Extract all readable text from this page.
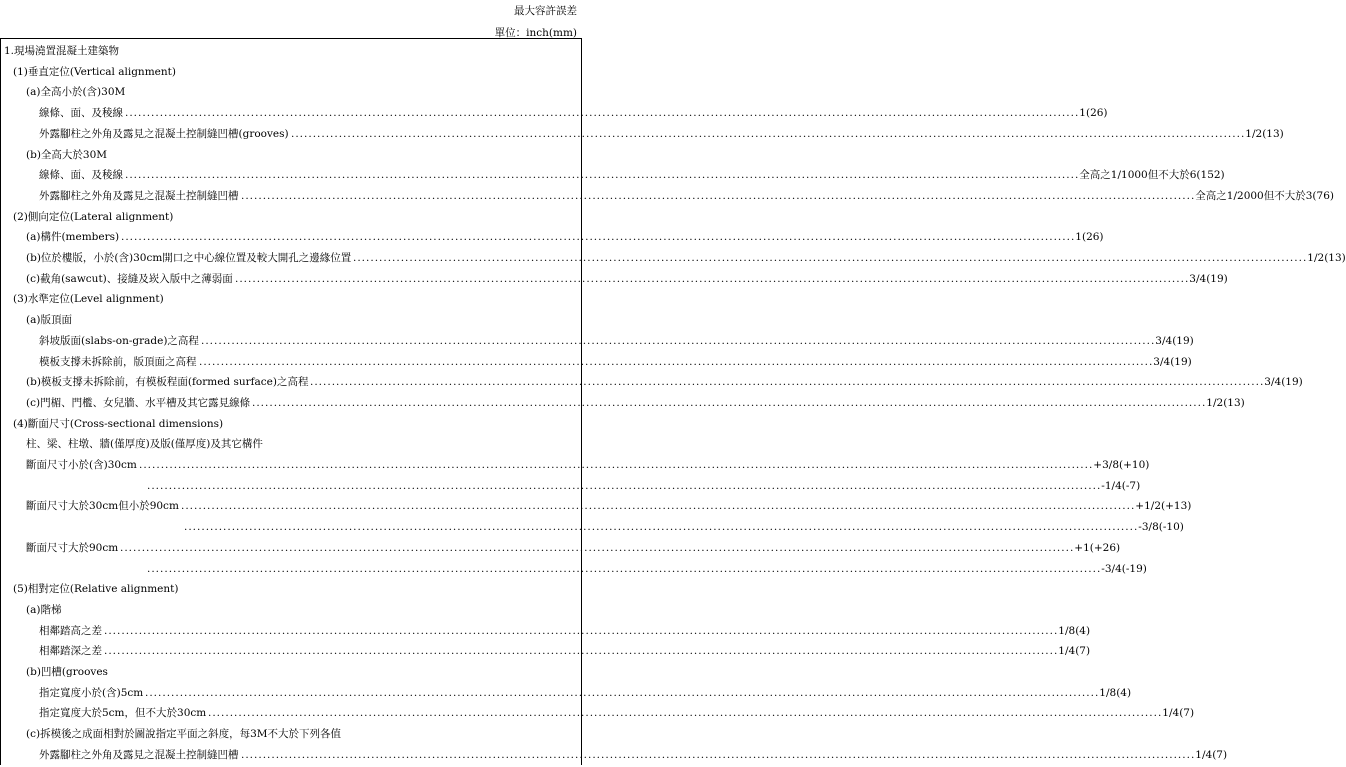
最大容許誤差
單位：inch(mm)
1.現場澆置混凝土建築物
(1)垂直定位(Vertical alignment)
(a)全高小於(含)30M
線條、面、及稜線 ............................................................................................................................................................................................................................ 1(26)
外露腳柱之外角及露見之混凝土控制縫凹槽(grooves) ............................................................................................................................................................................................................................ 1/2(13)
(b)全高大於30M
線條、面、及稜線 ............................................................................................................................................................................................................................ 全高之1/1000但不大於6(152)
外露腳柱之外角及露見之混凝土控制縫凹槽 ............................................................................................................................................................................................................................ 全高之1/2000但不大於3(76)
(2)側向定位(Lateral alignment)
(a)構件(members) ............................................................................................................................................................................................................................ 1(26)
(b)位於樓版，小於(含)30cm開口之中心線位置及較大開孔之邊緣位置 ............................................................................................................................................................................................................................ 1/2(13)
(c)截角(sawcut)、接縫及崁入版中之薄弱面 ............................................................................................................................................................................................................................ 3/4(19)
(3)水準定位(Level alignment)
(a)版頂面
斜坡版面(slabs-on-grade)之高程 ............................................................................................................................................................................................................................ 3/4(19)
模板支撐未拆除前，版頂面之高程 ............................................................................................................................................................................................................................ 3/4(19)
(b)模板支撐未拆除前，有模板程面(formed surface)之高程 ............................................................................................................................................................................................................................ 3/4(19)
(c)門楣、門檻、女兒牆、水平槽及其它露見線條 ............................................................................................................................................................................................................................ 1/2(13)
(4)斷面尺寸(Cross-sectional dimensions)
柱、梁、柱墩、牆(僅厚度)及版(僅厚度)及其它構件
斷面尺寸小於(含)30cm ............................................................................................................................................................................................................................ +3/8(+10)
............................................................................................................................................................................................................................ -1/4(-7)
斷面尺寸大於30cm但小於90cm ............................................................................................................................................................................................................................ +1/2(+13)
............................................................................................................................................................................................................................ -3/8(-10)
斷面尺寸大於90cm ............................................................................................................................................................................................................................ +1(+26)
............................................................................................................................................................................................................................ -3/4(-19)
(5)相對定位(Relative alignment)
(a)階梯
相鄰踏高之差 ............................................................................................................................................................................................................................ 1/8(4)
相鄰踏深之差 ............................................................................................................................................................................................................................ 1/4(7)
(b)凹槽(grooves
指定寬度小於(含)5cm ............................................................................................................................................................................................................................ 1/8(4)
指定寬度大於5cm，但不大於30cm ............................................................................................................................................................................................................................ 1/4(7)
(c)拆模後之成面相對於圖說指定平面之斜度，每3M不大於下列各值
外露腳柱之外角及露見之混凝土控制縫凹槽 ............................................................................................................................................................................................................................ 1/4(7)
